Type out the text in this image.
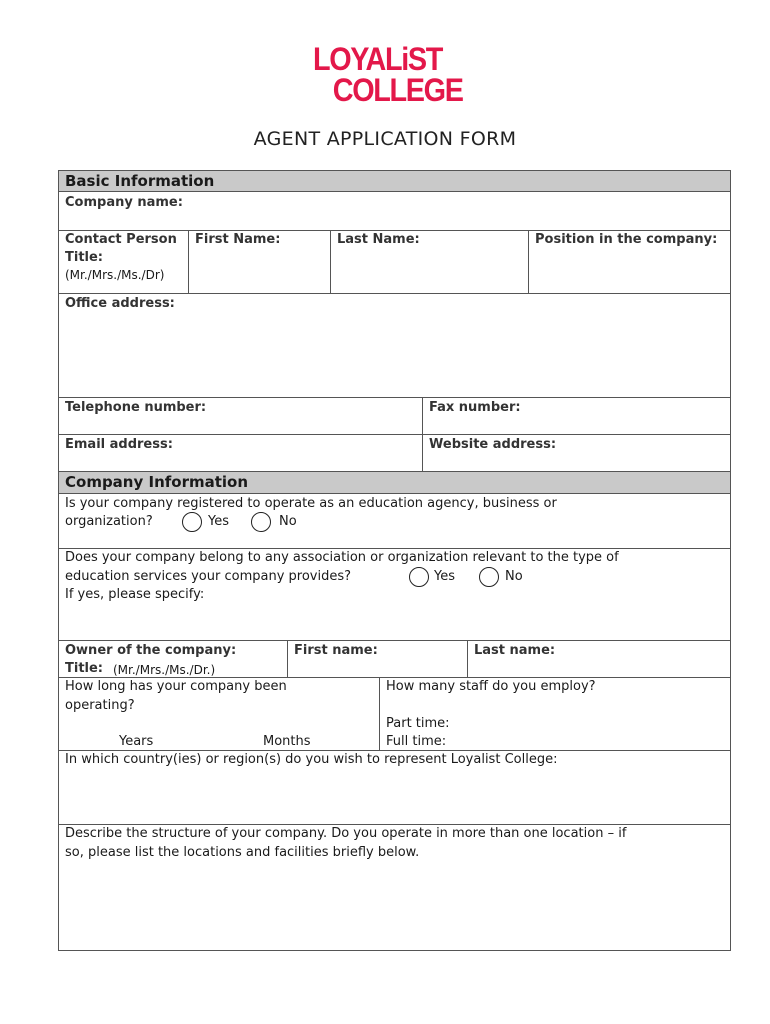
LOYALiST
COLLEGE
AGENT APPLICATION FORM
Basic Information
Company name:
Contact Person
Title:
(Mr./Mrs./Ms./Dr)
First Name:	Last Name:	Position in the company:
Office address:
Telephone number:	Fax number:
Email address:	Website address:
Company Information
Is your company registered to operate as an education agency, business or
organization?	Yes	No
Does your company belong to any association or organization relevant to the type of
education services your company provides?	Yes	No
If yes, please specify:
Owner of the company:
Title: (Mr./Mrs./Ms./Dr.)
First name:	Last name:
How long has your company been
operating?
Years	Months
How many staff do you employ?
Part time:
Full time:
In which country(ies) or region(s) do you wish to represent Loyalist College:
Describe the structure of your company. Do you operate in more than one location – if
so, please list the locations and facilities briefly below.
